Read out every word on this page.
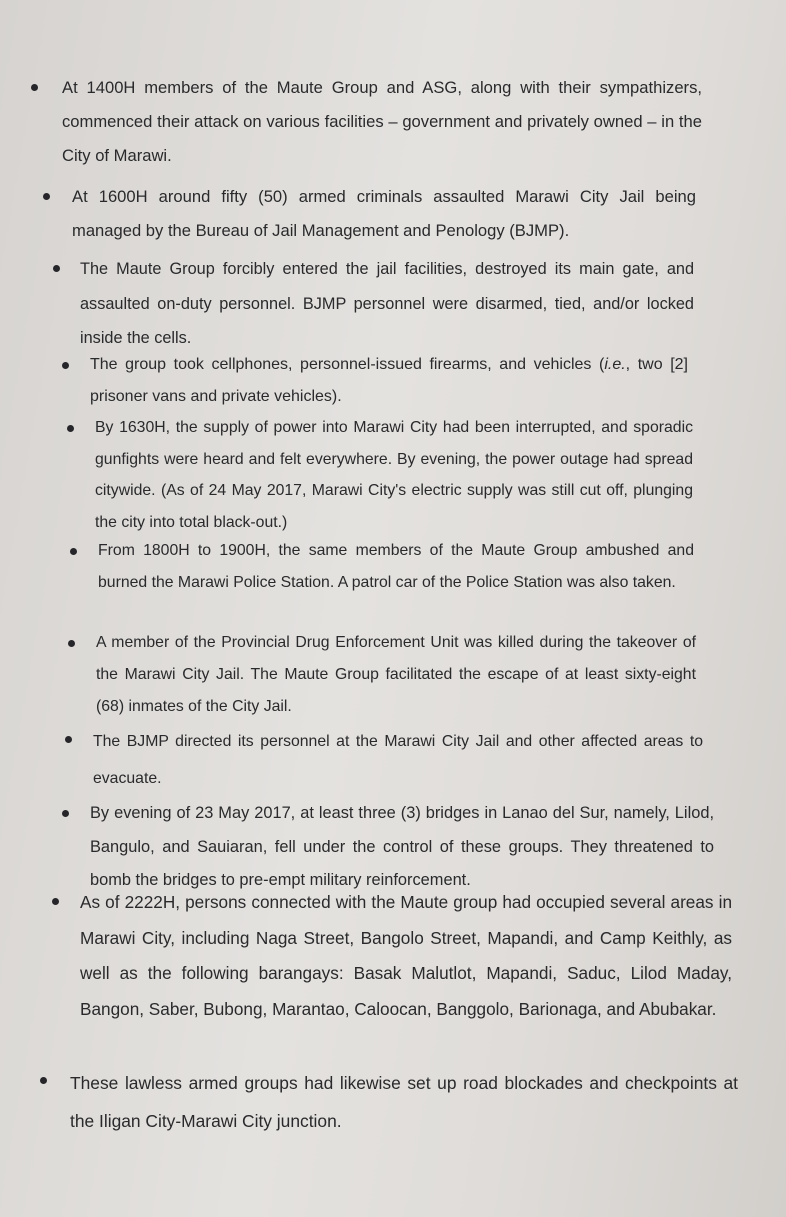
At 1400H members of the Maute Group and ASG, along with their sympathizers, commenced their attack on various facilities – government and privately owned – in the City of Marawi.
At 1600H around fifty (50) armed criminals assaulted Marawi City Jail being managed by the Bureau of Jail Management and Penology (BJMP).
The Maute Group forcibly entered the jail facilities, destroyed its main gate, and assaulted on-duty personnel. BJMP personnel were disarmed, tied, and/or locked inside the cells.
The group took cellphones, personnel-issued firearms, and vehicles (i.e., two [2] prisoner vans and private vehicles).
By 1630H, the supply of power into Marawi City had been interrupted, and sporadic gunfights were heard and felt everywhere. By evening, the power outage had spread citywide. (As of 24 May 2017, Marawi City's electric supply was still cut off, plunging the city into total black-out.)
From 1800H to 1900H, the same members of the Maute Group ambushed and burned the Marawi Police Station. A patrol car of the Police Station was also taken.
A member of the Provincial Drug Enforcement Unit was killed during the takeover of the Marawi City Jail. The Maute Group facilitated the escape of at least sixty-eight (68) inmates of the City Jail.
The BJMP directed its personnel at the Marawi City Jail and other affected areas to evacuate.
By evening of 23 May 2017, at least three (3) bridges in Lanao del Sur, namely, Lilod, Bangulo, and Sauiaran, fell under the control of these groups. They threatened to bomb the bridges to pre-empt military reinforcement.
As of 2222H, persons connected with the Maute group had occupied several areas in Marawi City, including Naga Street, Bangolo Street, Mapandi, and Camp Keithly, as well as the following barangays: Basak Malutlot, Mapandi, Saduc, Lilod Maday, Bangon, Saber, Bubong, Marantao, Caloocan, Banggolo, Barionaga, and Abubakar.
These lawless armed groups had likewise set up road blockades and checkpoints at the Iligan City-Marawi City junction.
